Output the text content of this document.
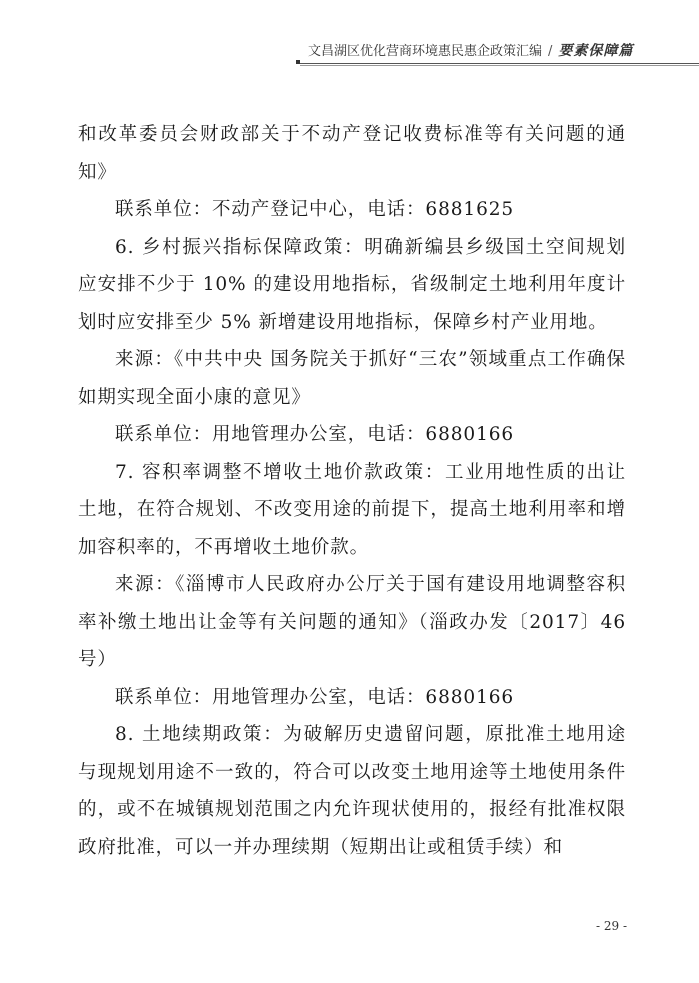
文昌湖区优化营商环境惠民惠企政策汇编 / 要素保障篇

和改革委员会财政部关于不动产登记收费标准等有关问题的通知》

联系单位：不动产登记中心，电话：6881625

6. 乡村振兴指标保障政策：明确新编县乡级国土空间规划应安排不少于 10% 的建设用地指标，省级制定土地利用年度计划时应安排至少 5% 新增建设用地指标，保障乡村产业用地。

来源：《中共中央 国务院关于抓好“三农”领域重点工作确保如期实现全面小康的意见》

联系单位：用地管理办公室，电话：6880166

7. 容积率调整不增收土地价款政策：工业用地性质的出让土地，在符合规划、不改变用途的前提下，提高土地利用率和增加容积率的，不再增收土地价款。

来源：《淄博市人民政府办公厅关于国有建设用地调整容积率补缴土地出让金等有关问题的通知》（淄政办发〔2017〕46 号）

联系单位：用地管理办公室，电话：6880166

8. 土地续期政策：为破解历史遗留问题，原批准土地用途与现规划用途不一致的，符合可以改变土地用途等土地使用条件的，或不在城镇规划范围之内允许现状使用的，报经有批准权限政府批准，可以一并办理续期（短期出让或租赁手续）和

- 29 -
